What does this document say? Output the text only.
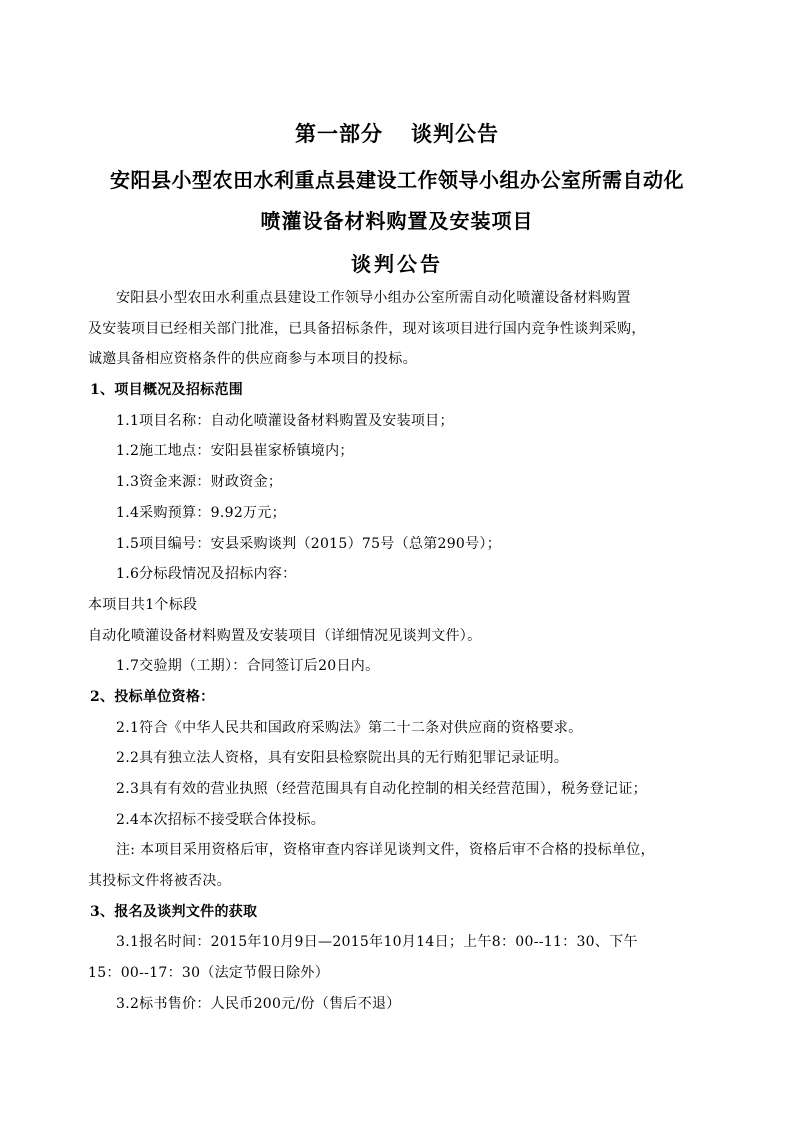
第一部分 谈判公告
安阳县小型农田水利重点县建设工作领导小组办公室所需自动化
喷灌设备材料购置及安装项目
谈判公告
安阳县小型农田水利重点县建设工作领导小组办公室所需自动化喷灌设备材料购置
及安装项目已经相关部门批准，已具备招标条件，现对该项目进行国内竞争性谈判采购，
诚邀具备相应资格条件的供应商参与本项目的投标。
1、项目概况及招标范围
1.1项目名称：自动化喷灌设备材料购置及安装项目；
1.2施工地点：安阳县崔家桥镇境内；
1.3资金来源：财政资金；
1.4采购预算：9.92万元；
1.5项目编号：安县采购谈判（2015）75号（总第290号）；
1.6分标段情况及招标内容：
本项目共1个标段
自动化喷灌设备材料购置及安装项目（详细情况见谈判文件）。
1.7交验期（工期）：合同签订后20日内。
2、投标单位资格：
2.1符合《中华人民共和国政府采购法》第二十二条对供应商的资格要求。
2.2具有独立法人资格，具有安阳县检察院出具的无行贿犯罪记录证明。
2.3具有有效的营业执照（经营范围具有自动化控制的相关经营范围），税务登记证；
2.4本次招标不接受联合体投标。
注: 本项目采用资格后审，资格审查内容详见谈判文件，资格后审不合格的投标单位，
其投标文件将被否决。
3、报名及谈判文件的获取
3.1报名时间：2015年10月9日—2015年10月14日；上午8：00--11：30、下午
15：00--17：30（法定节假日除外）
3.2标书售价：人民币200元/份（售后不退）
